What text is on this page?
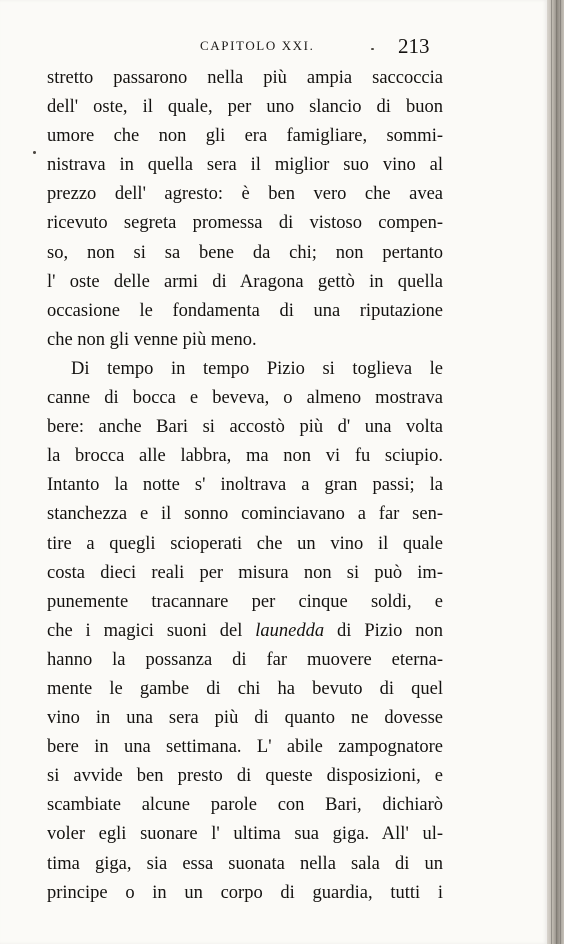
CAPITOLO XXI.	213
stretto passarono nella più ampia saccoccia
dell' oste, il quale, per uno slancio di buon
umore che non gli era famigliare, sommi-
nistrava in quella sera il miglior suo vino al
prezzo dell' agresto: è ben vero che avea
ricevuto segreta promessa di vistoso compen-
so, non si sa bene da chi; non pertanto
l' oste delle armi di Aragona gettò in quella
occasione le fondamenta di una riputazione
che non gli venne più meno.
Di tempo in tempo Pizio si toglieva le
canne di bocca e beveva, o almeno mostrava
bere: anche Bari si accostò più d' una volta
la brocca alle labbra, ma non vi fu sciupio.
Intanto la notte s' inoltrava a gran passi; la
stanchezza e il sonno cominciavano a far sen-
tire a quegli scioperati che un vino il quale
costa dieci reali per misura non si può im-
punemente tracannare per cinque soldi, e
che i magici suoni del launedda di Pizio non
hanno la possanza di far muovere eterna-
mente le gambe di chi ha bevuto di quel
vino in una sera più di quanto ne dovesse
bere in una settimana. L' abile zampognatore
si avvide ben presto di queste disposizioni, e
scambiate alcune parole con Bari, dichiarò
voler egli suonare l' ultima sua giga. All' ul-
tima giga, sia essa suonata nella sala di un
principe o in un corpo di guardia, tutti i
